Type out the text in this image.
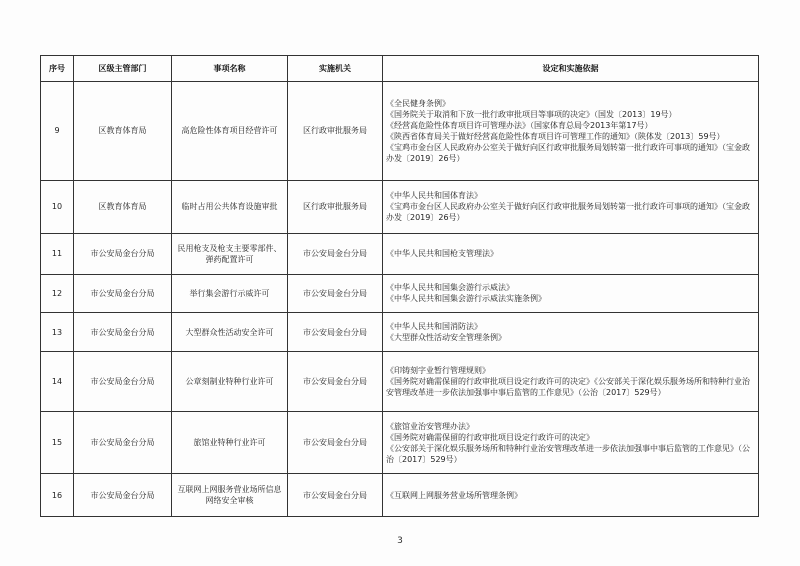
序号	区级主管部门	事项名称	实施机关	设定和实施依据
9	区教育体育局	高危险性体育项目经营许可	区行政审批服务局	《全民健身条例》
《国务院关于取消和下放一批行政审批项目等事项的决定》（国发〔2013〕19号）
《经营高危险性体育项目许可管理办法》（国家体育总局令2013年第17号）
《陕西省体育局关于做好经营高危险性体育项目许可管理工作的通知》（陕体发〔2013〕59号）
《宝鸡市金台区人民政府办公室关于做好向区行政审批服务局划转第一批行政许可事项的通知》（宝金政办发〔2019〕26号）

10	区教育体育局	临时占用公共体育设施审批	区行政审批服务局	《中华人民共和国体育法》
《宝鸡市金台区人民政府办公室关于做好向区行政审批服务局划转第一批行政许可事项的通知》（宝金政办发〔2019〕26号）

11	市公安局金台分局	民用枪支及枪支主要零部件、弹药配置许可	市公安局金台分局	《中华人民共和国枪支管理法》

12	市公安局金台分局	举行集会游行示威许可	市公安局金台分局	《中华人民共和国集会游行示威法》
《中华人民共和国集会游行示威法实施条例》

13	市公安局金台分局	大型群众性活动安全许可	市公安局金台分局	《中华人民共和国消防法》
《大型群众性活动安全管理条例》

14	市公安局金台分局	公章刻制业特种行业许可	市公安局金台分局	《印铸刻字业暂行管理规则》
《国务院对确需保留的行政审批项目设定行政许可的决定》《公安部关于深化娱乐服务场所和特种行业治安管理改革进一步依法加强事中事后监管的工作意见》（公治〔2017〕529号）

15	市公安局金台分局	旅馆业特种行业许可	市公安局金台分局	《旅馆业治安管理办法》
《国务院对确需保留的行政审批项目设定行政许可的决定》
《公安部关于深化娱乐服务场所和特种行业治安管理改革进一步依法加强事中事后监管的工作意见》（公治〔2017〕529号）

16	市公安局金台分局	互联网上网服务营业场所信息网络安全审核	市公安局金台分局	《互联网上网服务营业场所管理条例》
3
